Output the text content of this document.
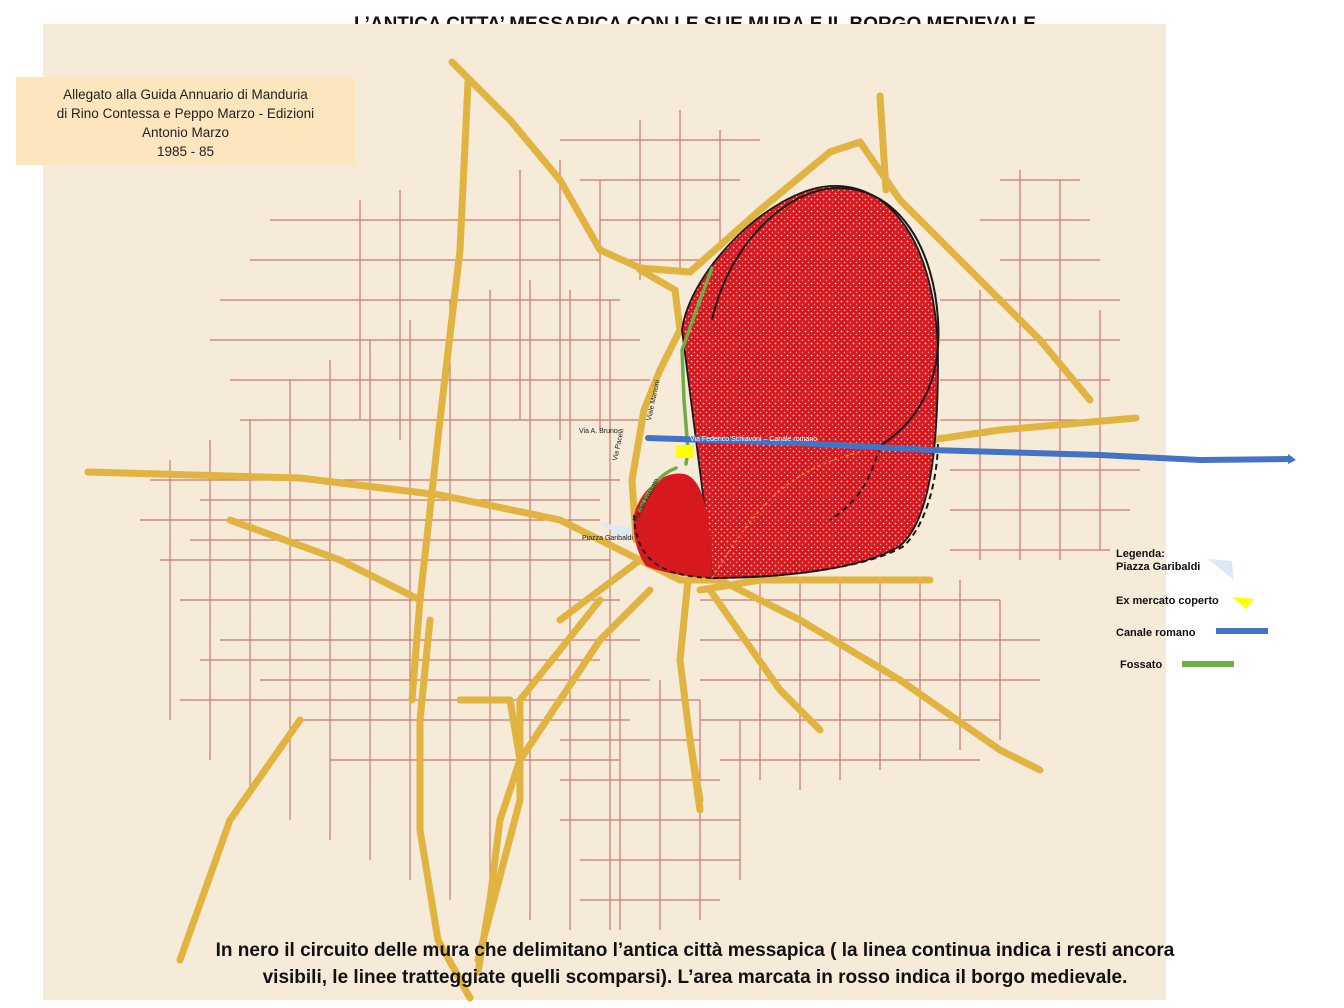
Allegato alla Guida Annuario di Manduria
di Rino Contessa e Peppo Marzo - Edizioni
Antonio Marzo
1985 - 85
Via A. Bruno
Via Pacelli
Viale Mancini
Via del Fossato
Piazza Garibaldi
Via Federico Schiavoni – Canale romano
Legenda:
Piazza Garibaldi
Ex mercato coperto
Canale romano
Fossato
In nero il circuito delle mura che delimitano l’antica città messapica ( la linea continua indica i resti ancora
visibili, le linee tratteggiate quelli scomparsi). L’area marcata in rosso indica il borgo medievale.
